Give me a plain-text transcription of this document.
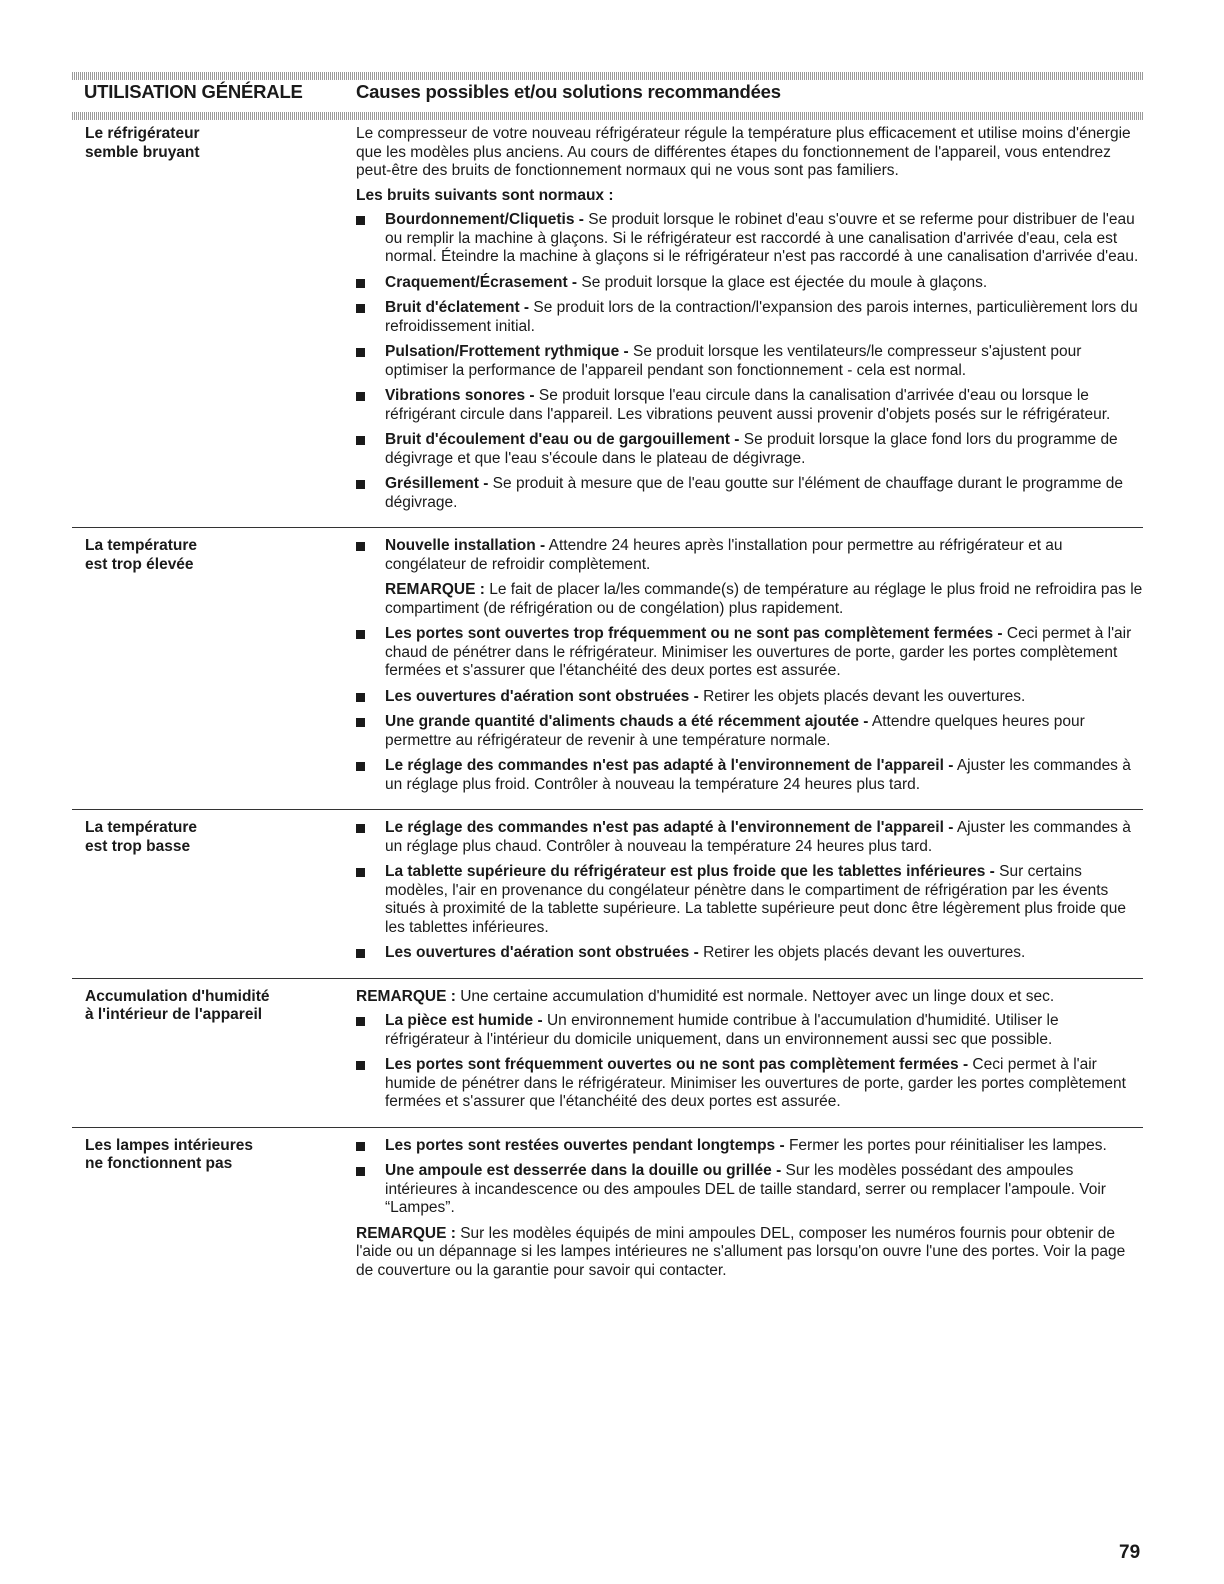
UTILISATION GÉNÉRALE	Causes possibles et/ou solutions recommandées
Le réfrigérateur
semble bruyant
Le compresseur de votre nouveau réfrigérateur régule la température plus efficacement et utilise moins d'énergie que les modèles plus anciens. Au cours de différentes étapes du fonctionnement de l'appareil, vous entendrez peut-être des bruits de fonctionnement normaux qui ne vous sont pas familiers.
Les bruits suivants sont normaux :
Bourdonnement/Cliquetis - Se produit lorsque le robinet d'eau s'ouvre et se referme pour distribuer de l'eau ou remplir la machine à glaçons. Si le réfrigérateur est raccordé à une canalisation d'arrivée d'eau, cela est normal. Éteindre la machine à glaçons si le réfrigérateur n'est pas raccordé à une canalisation d'arrivée d'eau.
Craquement/Écrasement - Se produit lorsque la glace est éjectée du moule à glaçons.
Bruit d'éclatement - Se produit lors de la contraction/l'expansion des parois internes, particulièrement lors du refroidissement initial.
Pulsation/Frottement rythmique - Se produit lorsque les ventilateurs/le compresseur s'ajustent pour optimiser la performance de l'appareil pendant son fonctionnement - cela est normal.
Vibrations sonores - Se produit lorsque l'eau circule dans la canalisation d'arrivée d'eau ou lorsque le réfrigérant circule dans l'appareil. Les vibrations peuvent aussi provenir d'objets posés sur le réfrigérateur.
Bruit d'écoulement d'eau ou de gargouillement - Se produit lorsque la glace fond lors du programme de dégivrage et que l'eau s'écoule dans le plateau de dégivrage.
Grésillement - Se produit à mesure que de l'eau goutte sur l'élément de chauffage durant le programme de dégivrage.
La température
est trop élevée
Nouvelle installation - Attendre 24 heures après l'installation pour permettre au réfrigérateur et au congélateur de refroidir complètement.
REMARQUE : Le fait de placer la/les commande(s) de température au réglage le plus froid ne refroidira pas le compartiment (de réfrigération ou de congélation) plus rapidement.
Les portes sont ouvertes trop fréquemment ou ne sont pas complètement fermées - Ceci permet à l'air chaud de pénétrer dans le réfrigérateur. Minimiser les ouvertures de porte, garder les portes complètement fermées et s'assurer que l'étanchéité des deux portes est assurée.
Les ouvertures d'aération sont obstruées - Retirer les objets placés devant les ouvertures.
Une grande quantité d'aliments chauds a été récemment ajoutée - Attendre quelques heures pour permettre au réfrigérateur de revenir à une température normale.
Le réglage des commandes n'est pas adapté à l'environnement de l'appareil - Ajuster les commandes à un réglage plus froid. Contrôler à nouveau la température 24 heures plus tard.
La température
est trop basse
Le réglage des commandes n'est pas adapté à l'environnement de l'appareil - Ajuster les commandes à un réglage plus chaud. Contrôler à nouveau la température 24 heures plus tard.
La tablette supérieure du réfrigérateur est plus froide que les tablettes inférieures - Sur certains modèles, l'air en provenance du congélateur pénètre dans le compartiment de réfrigération par les évents situés à proximité de la tablette supérieure. La tablette supérieure peut donc être légèrement plus froide que les tablettes inférieures.
Les ouvertures d'aération sont obstruées - Retirer les objets placés devant les ouvertures.
Accumulation d'humidité
à l'intérieur de l'appareil
REMARQUE : Une certaine accumulation d'humidité est normale. Nettoyer avec un linge doux et sec.
La pièce est humide - Un environnement humide contribue à l'accumulation d'humidité. Utiliser le réfrigérateur à l'intérieur du domicile uniquement, dans un environnement aussi sec que possible.
Les portes sont fréquemment ouvertes ou ne sont pas complètement fermées - Ceci permet à l'air humide de pénétrer dans le réfrigérateur. Minimiser les ouvertures de porte, garder les portes complètement fermées et s'assurer que l'étanchéité des deux portes est assurée.
Les lampes intérieures
ne fonctionnent pas
Les portes sont restées ouvertes pendant longtemps - Fermer les portes pour réinitialiser les lampes.
Une ampoule est desserrée dans la douille ou grillée - Sur les modèles possédant des ampoules intérieures à incandescence ou des ampoules DEL de taille standard, serrer ou remplacer l'ampoule. Voir “Lampes”.
REMARQUE : Sur les modèles équipés de mini ampoules DEL, composer les numéros fournis pour obtenir de l'aide ou un dépannage si les lampes intérieures ne s'allument pas lorsqu'on ouvre l'une des portes. Voir la page de couverture ou la garantie pour savoir qui contacter.
79
